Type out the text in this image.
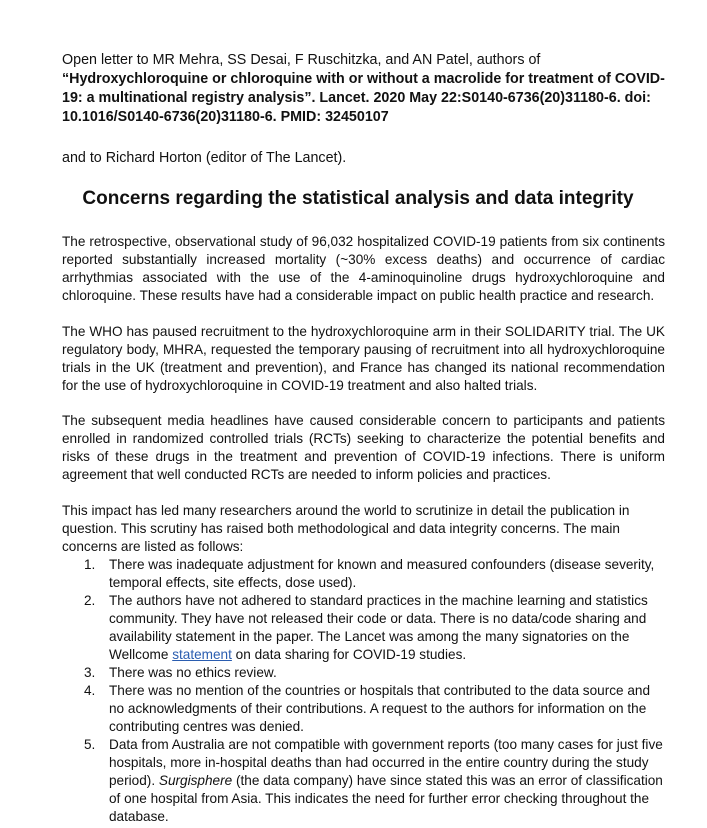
Open letter to MR Mehra, SS Desai, F Ruschitzka, and AN Patel, authors of
“Hydroxychloroquine or chloroquine with or without a macrolide for treatment of COVID-19: a multinational registry analysis”. Lancet. 2020 May 22:S0140-6736(20)31180-6. doi: 10.1016/S0140-6736(20)31180-6. PMID: 32450107
and to Richard Horton (editor of The Lancet).
Concerns regarding the statistical analysis and data integrity

The retrospective, observational study of 96,032 hospitalized COVID-19 patients from six continents reported substantially increased mortality (~30% excess deaths) and occurrence of cardiac arrhythmias associated with the use of the 4-aminoquinoline drugs hydroxychloroquine and chloroquine. These results have had a considerable impact on public health practice and research.

The WHO has paused recruitment to the hydroxychloroquine arm in their SOLIDARITY trial. The UK regulatory body, MHRA, requested the temporary pausing of recruitment into all hydroxychloroquine trials in the UK (treatment and prevention), and France has changed its national recommendation for the use of hydroxychloroquine in COVID-19 treatment and also halted trials.

The subsequent media headlines have caused considerable concern to participants and patients enrolled in randomized controlled trials (RCTs) seeking to characterize the potential benefits and risks of these drugs in the treatment and prevention of COVID-19 infections. There is uniform agreement that well conducted RCTs are needed to inform policies and practices.

This impact has led many researchers around the world to scrutinize in detail the publication in question. This scrutiny has raised both methodological and data integrity concerns. The main concerns are listed as follows:

1. There was inadequate adjustment for known and measured confounders (disease severity, temporal effects, site effects, dose used).
2. The authors have not adhered to standard practices in the machine learning and statistics community. They have not released their code or data. There is no data/code sharing and availability statement in the paper. The Lancet was among the many signatories on the Wellcome statement on data sharing for COVID-19 studies.
3. There was no ethics review.
4. There was no mention of the countries or hospitals that contributed to the data source and no acknowledgments of their contributions. A request to the authors for information on the contributing centres was denied.
5. Data from Australia are not compatible with government reports (too many cases for just five hospitals, more in-hospital deaths than had occurred in the entire country during the study period). Surgisphere (the data company) have since stated this was an error of classification of one hospital from Asia. This indicates the need for further error checking throughout the database.
